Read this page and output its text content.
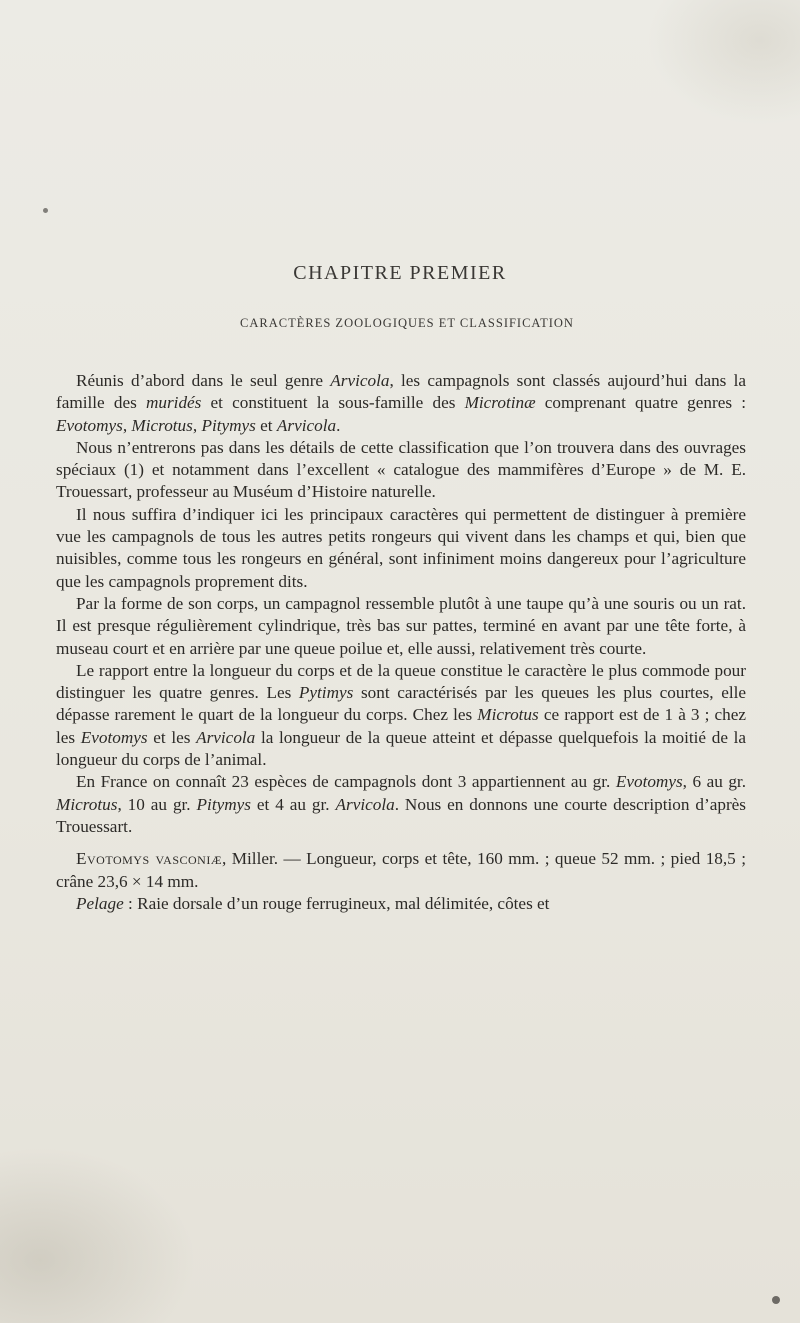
CHAPITRE PREMIER
CARACTÈRES ZOOLOGIQUES ET CLASSIFICATION

Réunis d’abord dans le seul genre Arvicola, les campagnols sont classés aujourd’hui dans la famille des muridés et constituent la sous-famille des Microtinæ comprenant quatre genres : Evotomys, Microtus, Pitymys et Arvicola.

Nous n’entrerons pas dans les détails de cette classification que l’on trouvera dans des ouvrages spéciaux (1) et notamment dans l’excellent « catalogue des mammifères d’Europe » de M. E. Trouessart, professeur au Muséum d’Histoire naturelle.

Il nous suffira d’indiquer ici les principaux caractères qui permettent de distinguer à première vue les campagnols de tous les autres petits rongeurs qui vivent dans les champs et qui, bien que nuisibles, comme tous les rongeurs en général, sont infiniment moins dangereux pour l’agriculture que les campagnols proprement dits.

Par la forme de son corps, un campagnol ressemble plutôt à une taupe qu’à une souris ou un rat. Il est presque régulièrement cylindrique, très bas sur pattes, terminé en avant par une tête forte, à museau court et en arrière par une queue poilue et, elle aussi, relativement très courte.

Le rapport entre la longueur du corps et de la queue constitue le caractère le plus commode pour distinguer les quatre genres. Les Pytimys sont caractérisés par les queues les plus courtes, elle dépasse rarement le quart de la longueur du corps. Chez les Microtus ce rapport est de 1 à 3 ; chez les Evotomys et les Arvicola la longueur de la queue atteint et dépasse quelquefois la moitié de la longueur du corps de l’animal.

En France on connaît 23 espèces de campagnols dont 3 appartiennent au gr. Evotomys, 6 au gr. Microtus, 10 au gr. Pitymys et 4 au gr. Arvicola. Nous en donnons une courte description d’après Trouessart.

Evotomys vasconiæ, Miller. — Longueur, corps et tête, 160 mm. ; queue 52 mm. ; pied 18,5 ; crâne 23,6 × 14 mm.

Pelage : Raie dorsale d’un rouge ferrugineux, mal délimitée, côtes et
